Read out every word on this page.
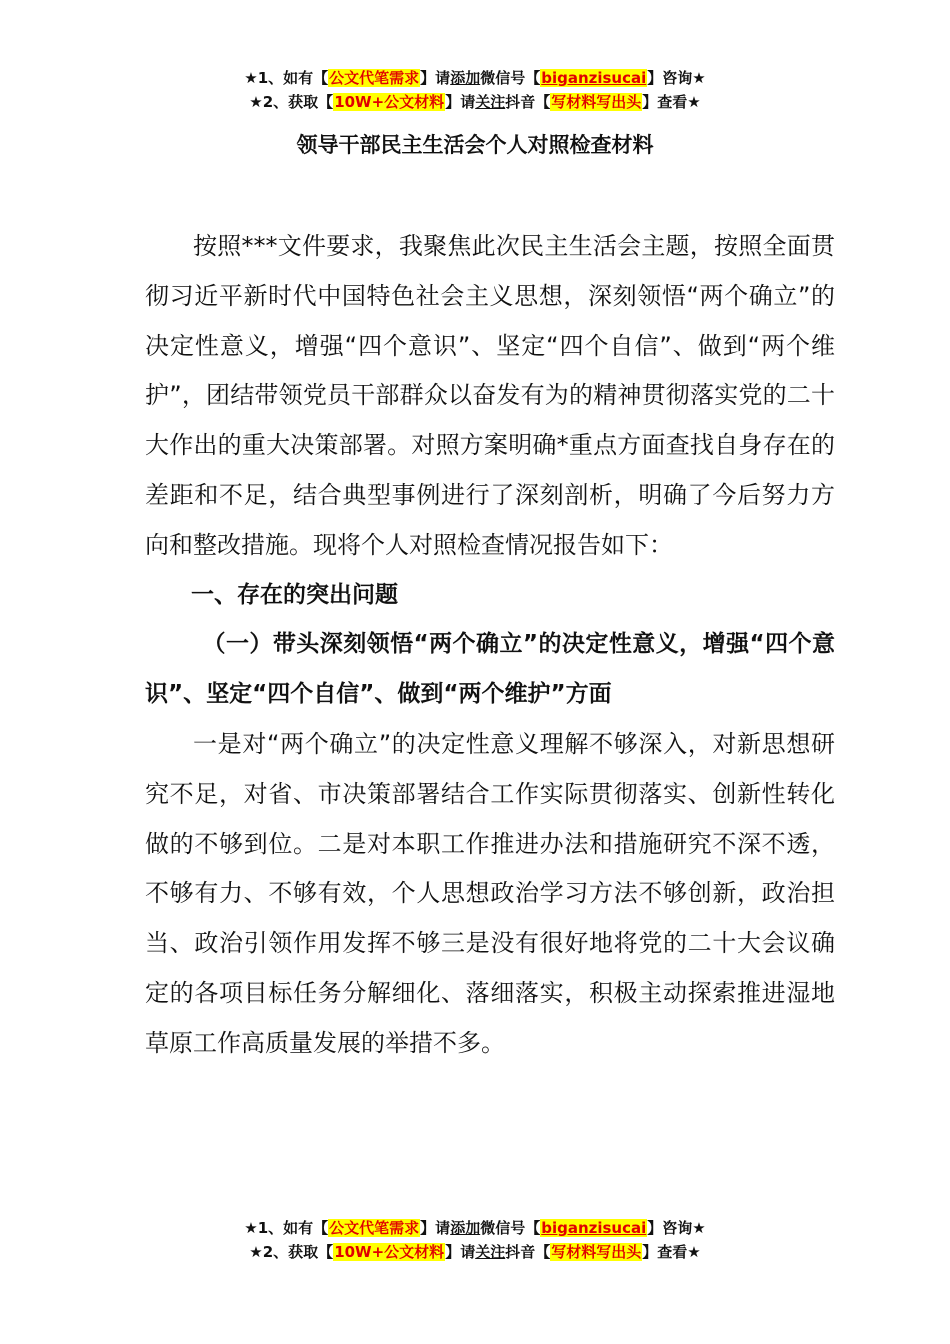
★1、如有【公文代笔需求】请添加微信号【biganzisucai】咨询★
★2、获取【10W+公文材料】请关注抖音【写材料写出头】查看★
领导干部民主生活会个人对照检查材料

按照***文件要求，我聚焦此次民主生活会主题，按照全面贯彻习近平新时代中国特色社会主义思想，深刻领悟“两个确立”的决定性意义，增强“四个意识”、坚定“四个自信”、做到“两个维护”，团结带领党员干部群众以奋发有为的精神贯彻落实党的二十大作出的重大决策部署。对照方案明确*重点方面查找自身存在的差距和不足，结合典型事例进行了深刻剖析，明确了今后努力方向和整改措施。现将个人对照检查情况报告如下：

一、存在的突出问题

（一）带头深刻领悟“两个确立”的决定性意义，增强“四个意识”、坚定“四个自信”、做到“两个维护”方面

一是对“两个确立”的决定性意义理解不够深入，对新思想研究不足，对省、市决策部署结合工作实际贯彻落实、创新性转化做的不够到位。二是对本职工作推进办法和措施研究不深不透，不够有力、不够有效，个人思想政治学习方法不够创新，政治担当、政治引领作用发挥不够三是没有很好地将党的二十大会议确定的各项目标任务分解细化、落细落实，积极主动探索推进湿地草原工作高质量发展的举措不多。

★1、如有【公文代笔需求】请添加微信号【biganzisucai】咨询★
★2、获取【10W+公文材料】请关注抖音【写材料写出头】查看★
